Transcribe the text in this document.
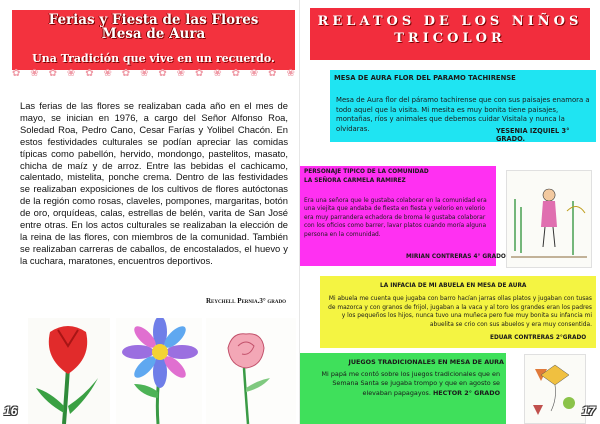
Ferias y Fiesta de las Flores
Mesa de Aura
Una Tradición que vive en un recuerdo.
✿ ❀ ✿ ❀ ✿ ❀ ✿ ❀ ✿ ❀ ✿ ❀ ✿ ❀ ✿ ❀

Las ferias de las flores se realizaban cada año en el mes de mayo, se inician en 1976, a cargo del Señor Alfonso Roa, Soledad Roa, Pedro Cano, Cesar Farías y Yolibel Chacón. En estos festividades culturales se podían apreciar las comidas típicas como pabellón, hervido, mondongo, pastelitos, masato, chicha de maíz y de arroz. Entre las bebidas el cachicamo, calentado, mistelita, ponche crema. Dentro de las festividades se realizaban exposiciones de los cultivos de flores autóctonas de la región como rosas, claveles, pompones, margaritas, botón de oro, orquídeas, calas, estrellas de belén, varita de San José entre otras. En los actos culturales se realizaban la elección de la reina de las flores, con miembros de la comunidad. También se realizaban carreras de caballos, de encostalados, el huevo y la cuchara, maratones, encuentros deportivos.

Reychell Pernia.3° grado
16
RELATOS DE LOS NIÑOS
TRICOLOR
MESA DE AURA FLOR DEL PARAMO TACHIRENSE

Mesa de Aura flor del páramo tachirense que con sus paisajes enamora a todo aquel que la visita. Mi mesita es muy bonita tiene paisajes, montañas, ríos y animales que debemos cuidar Visitala y nunca la olvidaras.	YESENIA IZQUIEL 3° GRADO.
PERSONAJE TIPICO DE LA COMUNIDAD
LA SEÑORA CARMELA RAMIREZ

Era una señora que le gustaba colaborar en la comunidad era una viejita que andaba de fiesta en fiesta y velorio en velorio era muy parrandera echadora de broma le gustaba colaborar con los oficios como barrer, lavar platos cuando moría alguna persona en la comunidad.

MIRIAN CONTRERAS 4° GRADO
LA INFACIA DE MI ABUELA EN MESA DE AURA

Mi abuela me cuenta que jugaba con barro hacían jarras ollas platos y jugaban con tusas de mazorca y con granos de frijol, jugaban a la vaca y al toro los grandes eran los padres y los pequeños los hijos, nunca tuvo una muñeca pero fue muy bonita su infancia mi abuelita se crio con sus abuelos y era muy consentida.

EDUAR CONTRERAS 2°GRADO
JUEGOS TRADICIONALES EN MESA DE AURA

Mi papá me contó sobre los juegos tradicionales que en Semana Santa se jugaba trompo y que en agosto se elevaban papagayos. HECTOR 2° GRADO

17
